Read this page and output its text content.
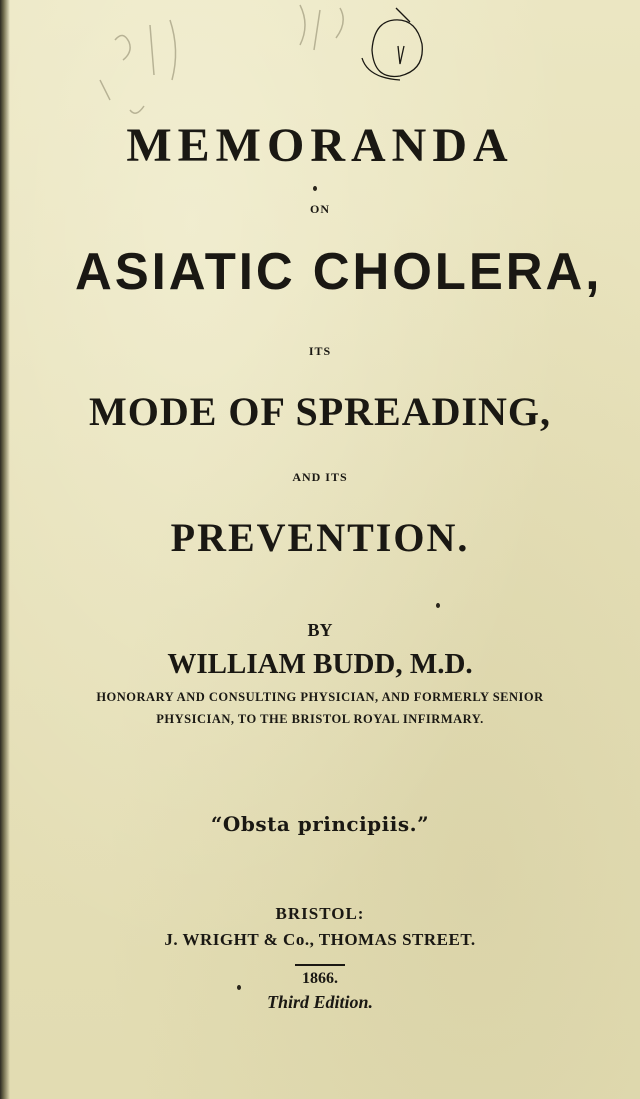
MEMORANDA
ON
ASIATIC CHOLERA,
ITS
MODE OF SPREADING,
AND ITS
PREVENTION.
BY
WILLIAM BUDD, M.D.
HONORARY AND CONSULTING PHYSICIAN, AND FORMERLY SENIOR
PHYSICIAN, TO THE BRISTOL ROYAL INFIRMARY.
“Obsta principiis.”
BRISTOL:
J. WRIGHT & Co., THOMAS STREET.
1866.
Third Edition.
